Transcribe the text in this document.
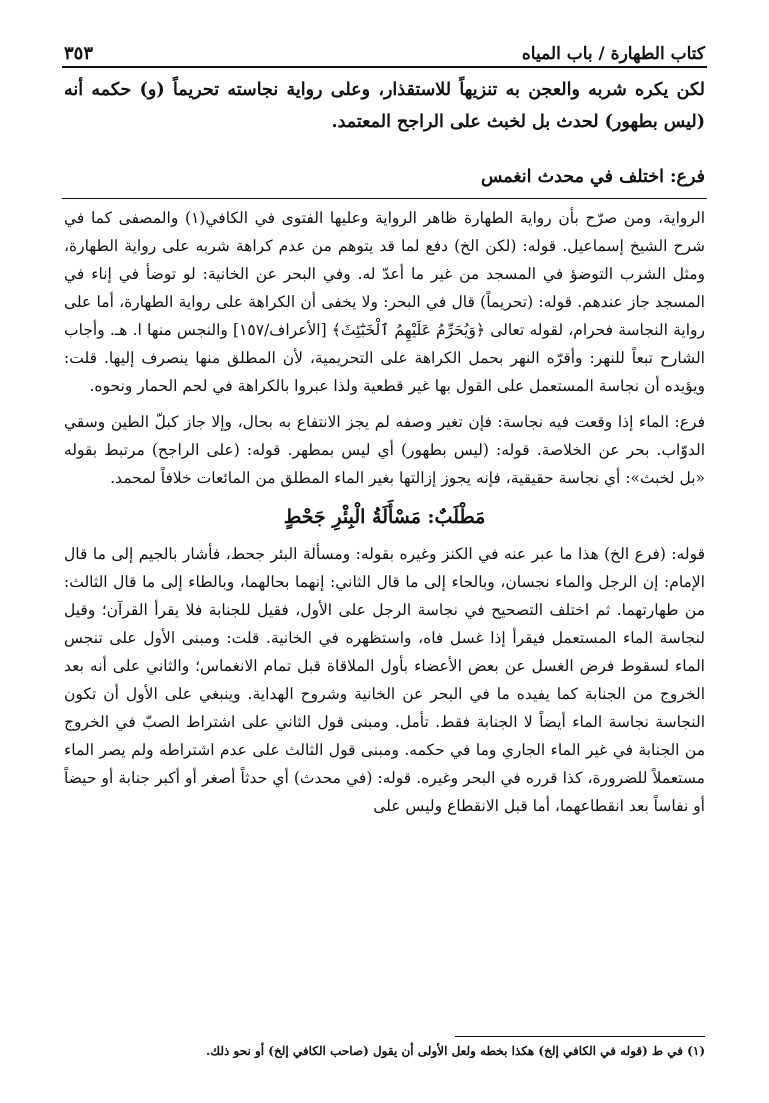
كتاب الطهارة / باب المياه
٣٥٣
لكن يكره شربه والعجن به تنزيهاً للاستقذار، وعلى رواية نجاسته تحريماً (و) حكمه أنه (ليس بطهور) لحدث بل لخبث على الراجح المعتمد.
فرع: اختلف في محدث انغمس

الرواية، ومن صرّح بأن رواية الطهارة ظاهر الرواية وعليها الفتوى في الكافي(١) والمصفى كما في شرح الشيخ إسماعيل. قوله: (لكن الخ) دفع لما قد يتوهم من عدم كراهة شربه على رواية الطهارة، ومثل الشرب التوضؤ في المسجد من غير ما أعدّ له. وفي البحر عن الخانية: لو توضأ في إناء في المسجد جاز عندهم. قوله: (تحريماً) قال في البحر: ولا يخفى أن الكراهة على رواية الطهارة، أما على رواية النجاسة فحرام، لقوله تعالى ﴿وَيُحَرِّمُ عَلَيْهِمُ ٱلْخَبَٰٓئِثَ﴾ [الأعراف/١٥٧] والنجس منها ا. هـ. وأجاب الشارح تبعاً للنهر: وأقرّه النهر بحمل الكراهة على التحريمية، لأن المطلق منها ينصرف إليها. قلت: ويؤيده أن نجاسة المستعمل على القول بها غير قطعية ولذا عبروا بالكراهة في لحم الحمار ونحوه.

فرع: الماء إذا وقعت فيه نجاسة: فإن تغير وصفه لم يجز الانتفاع به بحال، وإلا جاز كبلّ الطين وسقي الدوّاب. بحر عن الخلاصة. قوله: (ليس بطهور) أي ليس بمطهر. قوله: (على الراجح) مرتبط بقوله «بل لخبث»: أي نجاسة حقيقية، فإنه يجوز إزالتها بغير الماء المطلق من المائعات خلافاً لمحمد.

مَطْلَبٌ: مَسْأَلَةُ الْبِئْرِ جَحْطٍ

قوله: (فرع الخ) هذا ما عبر عنه في الكنز وغيره بقوله: ومسألة البئر جحط، فأشار بالجيم إلى ما قال الإمام: إن الرجل والماء نجسان، وبالحاء إلى ما قال الثاني: إنهما بحالهما، وبالطاء إلى ما قال الثالث: من طهارتهما. ثم اختلف التصحيح في نجاسة الرجل على الأول، فقيل للجنابة فلا يقرأ القرآن؛ وقيل لنجاسة الماء المستعمل فيقرأ إذا غسل فاه، واستظهره في الخانية. قلت: ومبنى الأول على تنجس الماء لسقوط فرض الغسل عن بعض الأعضاء بأول الملاقاة قبل تمام الانغماس؛ والثاني على أنه بعد الخروج من الجنابة كما يفيده ما في البحر عن الخانية وشروح الهداية. وينبغي على الأول أن تكون النجاسة نجاسة الماء أيضاً لا الجنابة فقط. تأمل. ومبنى قول الثاني على اشتراط الصبّ في الخروج من الجنابة في غير الماء الجاري وما في حكمه. ومبنى قول الثالث على عدم اشتراطه ولم يصر الماء مستعملاً للضرورة، كذا قرره في البحر وغيره. قوله: (في محدث) أي حدثاً أصغر أو أكبر جنابة أو حيضاً أو نفاساً بعد انقطاعهما، أما قبل الانقطاع وليس على

(١) في ط (قوله في الكافي إلخ) هكذا بخطه ولعل الأولى أن يقول (صاحب الكافي إلخ) أو نحو ذلك.
